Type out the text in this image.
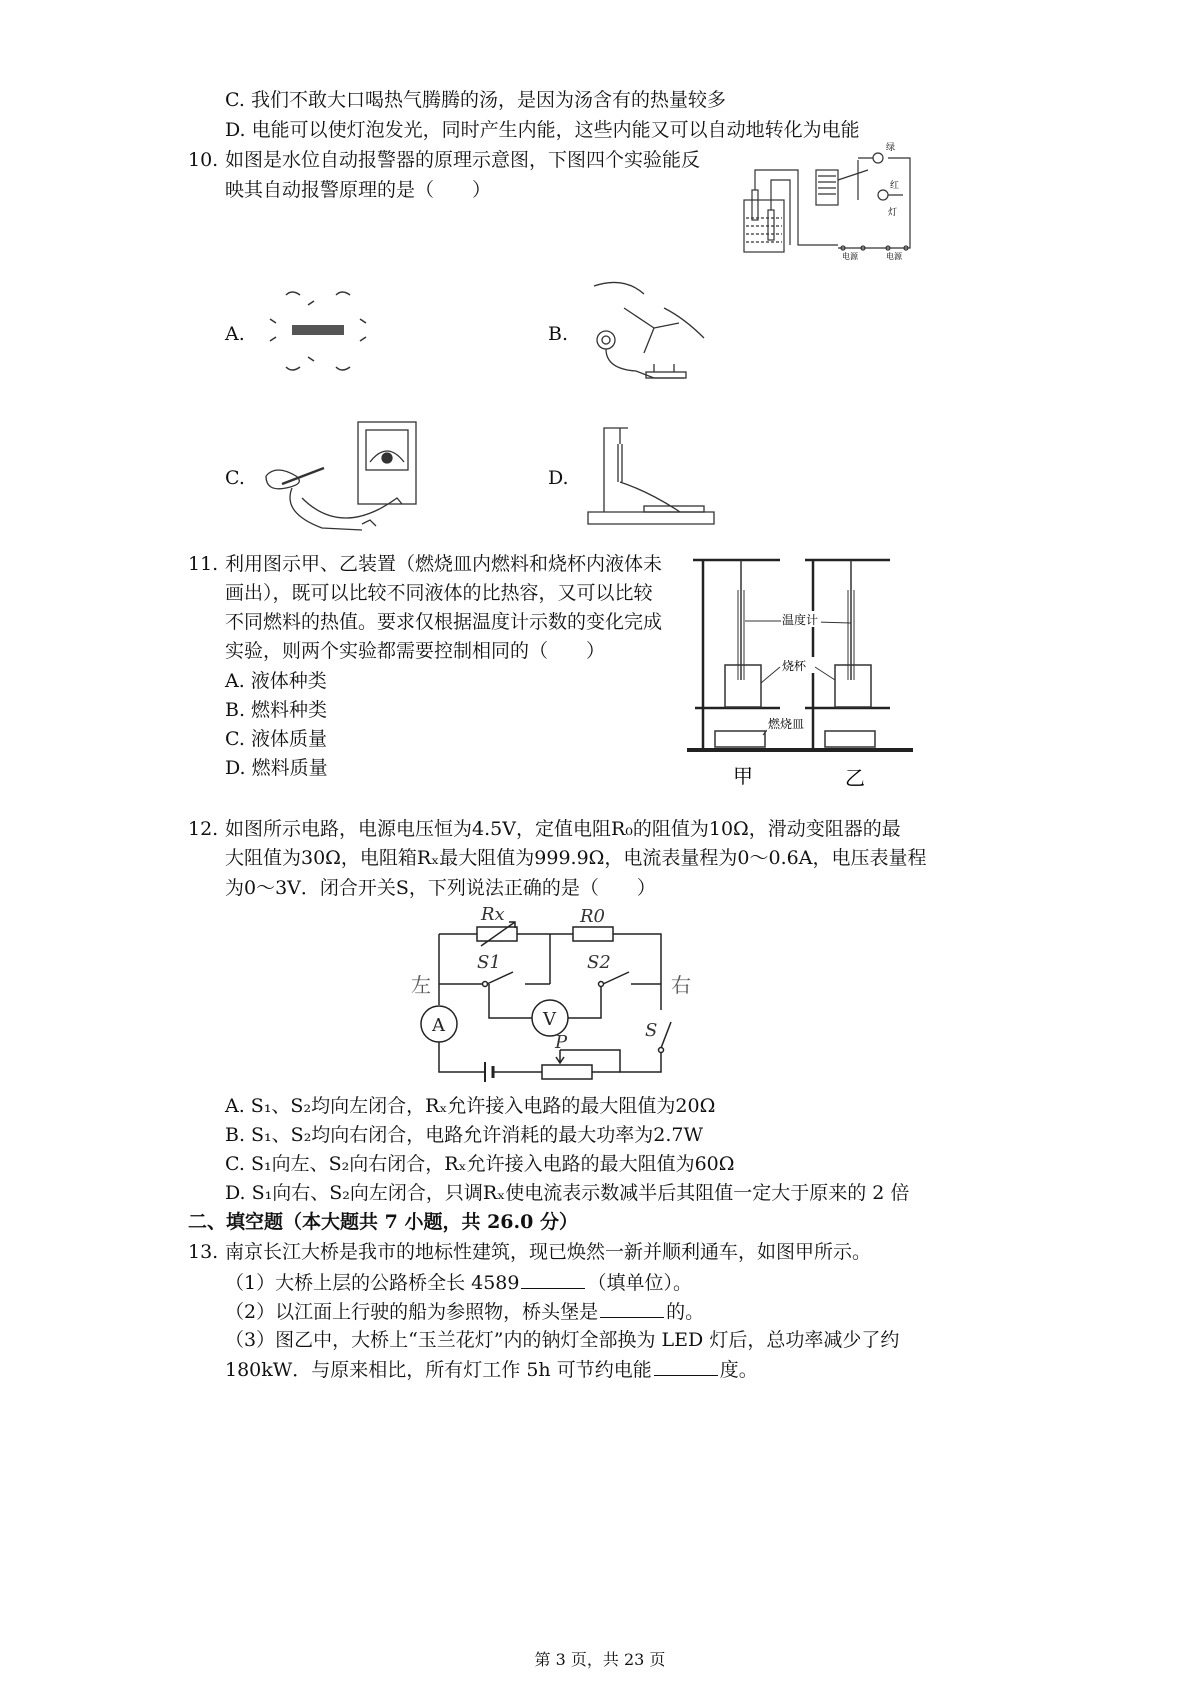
C. 我们不敢大口喝热气腾腾的汤，是因为汤含有的热量较多
D. 电能可以使灯泡发光，同时产生内能，这些内能又可以自动地转化为电能
10. 如图是水位自动报警器的原理示意图，下图四个实验能反
映其自动报警原理的是（　　）
绿
红
灯
电源	电源
A.	B.
C.	D.
11. 利用图示甲、乙装置（燃烧皿内燃料和烧杯内液体未
画出），既可以比较不同液体的比热容，又可以比较
不同燃料的热值。要求仅根据温度计示数的变化完成
实验，则两个实验都需要控制相同的（　　）
A. 液体种类
B. 燃料种类
C. 液体质量
D. 燃料质量
温度计
烧杯
燃烧皿
甲	乙
12. 如图所示电路，电源电压恒为4.5V，定值电阻R₀的阻值为10Ω，滑动变阻器的最
大阻值为30Ω，电阻箱Rₓ最大阻值为999.9Ω，电流表量程为0～0.6A，电压表量程
为0～3V．闭合开关S，下列说法正确的是（　　）
Rx	R0
左	右
S1	S2
V
A	S
P
A. S₁、S₂均向左闭合，Rₓ允许接入电路的最大阻值为20Ω
B. S₁、S₂均向右闭合，电路允许消耗的最大功率为2.7W
C. S₁向左、S₂向右闭合，Rₓ允许接入电路的最大阻值为60Ω
D. S₁向右、S₂向左闭合，只调Rₓ使电流表示数减半后其阻值一定大于原来的 2 倍
二、填空题（本大题共 7 小题，共 26.0 分）
13. 南京长江大桥是我市的地标性建筑，现已焕然一新并顺利通车，如图甲所示。
（1）大桥上层的公路桥全长 4589	（填单位）。
（2）以江面上行驶的船为参照物，桥头堡是	的。
（3）图乙中，大桥上“玉兰花灯”内的钠灯全部换为 LED 灯后，总功率减少了约
180kW．与原来相比，所有灯工作 5h 可节约电能	度。
第 3 页，共 23 页
